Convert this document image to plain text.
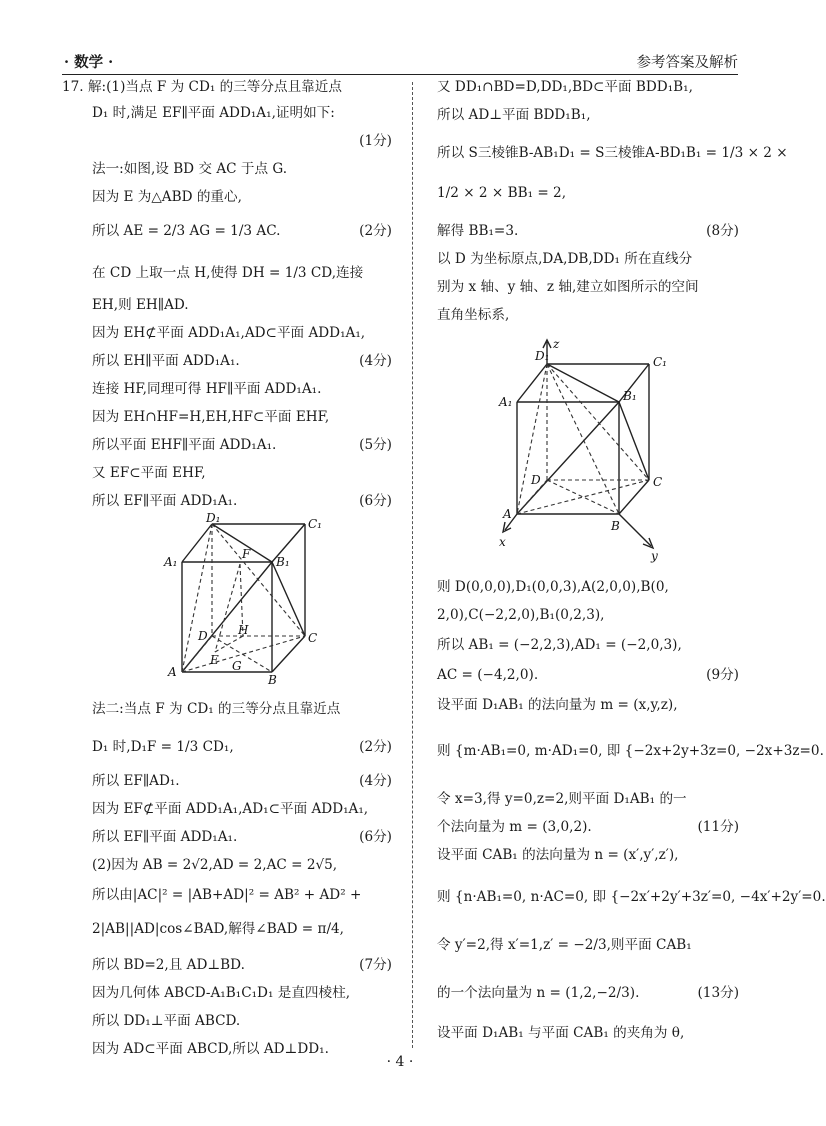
· 数学 ·	参考答案及解析
17. 解:(1)当点 F 为 CD₁ 的三等分点且靠近点
D₁ 时,满足 EF∥平面 ADD₁A₁,证明如下:
(1分)
法一:如图,设 BD 交 AC 于点 G.
因为 E 为△ABD 的重心,
所以 AE = 2/3 AG = 1/3 AC.	(2分)
在 CD 上取一点 H,使得 DH = 1/3 CD,连接
EH,则 EH∥AD.
因为 EH⊄平面 ADD₁A₁,AD⊂平面 ADD₁A₁,
所以 EH∥平面 ADD₁A₁.	(4分)
连接 HF,同理可得 HF∥平面 ADD₁A₁.
因为 EH∩HF=H,EH,HF⊂平面 EHF,
所以平面 EHF∥平面 ADD₁A₁.	(5分)
又 EF⊂平面 EHF,
所以 EF∥平面 ADD₁A₁.	(6分)
D₁	C₁
A₁
F
B₁
D	H
E G
C
A
B
法二:当点 F 为 CD₁ 的三等分点且靠近点
D₁ 时,D₁F = 1/3 CD₁,	(2分)
所以 EF∥AD₁.	(4分)
因为 EF⊄平面 ADD₁A₁,AD₁⊂平面 ADD₁A₁,
所以 EF∥平面 ADD₁A₁.	(6分)
(2)因为 AB = 2√2,AD = 2,AC = 2√5,
所以由|AC|² = |AB+AD|² = AB² + AD² +
2|AB||AD|cos∠BAD,解得∠BAD = π/4,
所以 BD=2,且 AD⊥BD.	(7分)
因为几何体 ABCD-A₁B₁C₁D₁ 是直四棱柱,
所以 DD₁⊥平面 ABCD.
因为 AD⊂平面 ABCD,所以 AD⊥DD₁.
又 DD₁∩BD=D,DD₁,BD⊂平面 BDD₁B₁,
所以 AD⊥平面 BDD₁B₁,
所以 S三棱锥B-AB₁D₁ = S三棱锥A-BD₁B₁ = 1/3 × 2 ×
1/2 × 2 × BB₁ = 2,
解得 BB₁=3.	(8分)
以 D 为坐标原点,DA,DB,DD₁ 所在直线分
别为 x 轴、y 轴、z 轴,建立如图所示的空间
直角坐标系,
z
D₁	C₁
A₁	B₁
D	C
A
B
x
y
则 D(0,0,0),D₁(0,0,3),A(2,0,0),B(0,
2,0),C(−2,2,0),B₁(0,2,3),
所以 AB₁ = (−2,2,3),AD₁ = (−2,0,3),
AC = (−4,2,0).	(9分)
设平面 D₁AB₁ 的法向量为 m = (x,y,z),
则 {m·AB₁=0, m·AD₁=0, 即 {−2x+2y+3z=0, −2x+3z=0.
令 x=3,得 y=0,z=2,则平面 D₁AB₁ 的一
个法向量为 m = (3,0,2).	(11分)
设平面 CAB₁ 的法向量为 n = (x′,y′,z′),
则 {n·AB₁=0, n·AC=0, 即 {−2x′+2y′+3z′=0, −4x′+2y′=0.
令 y′=2,得 x′=1,z′ = −2/3,则平面 CAB₁
的一个法向量为 n = (1,2,−2/3).	(13分)
设平面 D₁AB₁ 与平面 CAB₁ 的夹角为 θ,
· 4 ·
